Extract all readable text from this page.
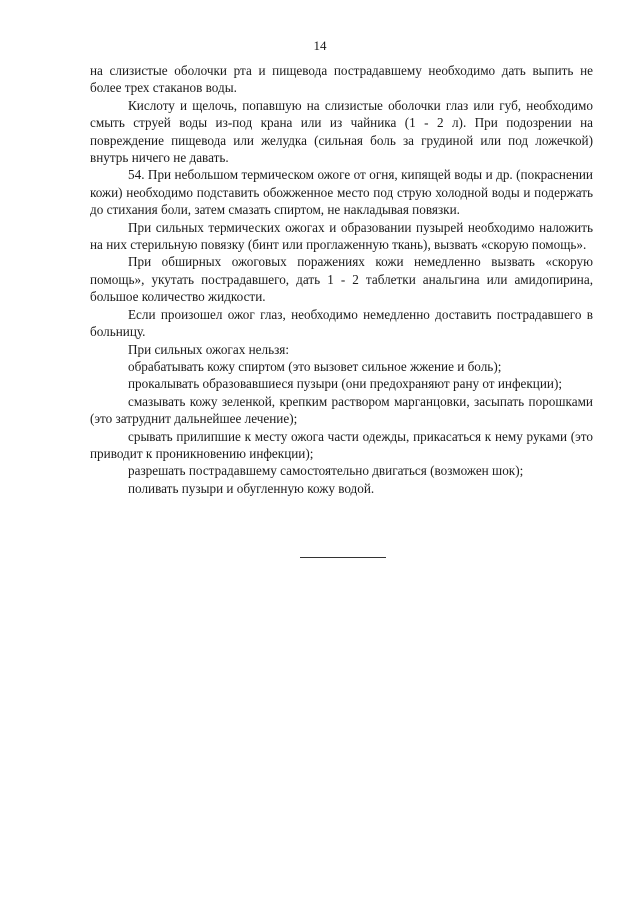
14

на слизистые оболочки рта и пищевода пострадавшему необходимо дать выпить не более трех стаканов воды.

Кислоту и щелочь, попавшую на слизистые оболочки глаз или губ, необходимо смыть струей воды из-под крана или из чайника (1 - 2 л). При подозрении на повреждение пищевода или желудка (сильная боль за грудиной или под ложечкой) внутрь ничего не давать.

54. При небольшом термическом ожоге от огня, кипящей воды и др. (покраснении кожи) необходимо подставить обожженное место под струю холодной воды и подержать до стихания боли, затем смазать спиртом, не накладывая повязки.

При сильных термических ожогах и образовании пузырей необходимо наложить на них стерильную повязку (бинт или проглаженную ткань), вызвать «скорую помощь».

При обширных ожоговых поражениях кожи немедленно вызвать «скорую помощь», укутать пострадавшего, дать 1 - 2 таблетки анальгина или амидопирина, большое количество жидкости.

Если произошел ожог глаз, необходимо немедленно доставить пострадавшего в больницу.

При сильных ожогах нельзя:

обрабатывать кожу спиртом (это вызовет сильное жжение и боль);

прокалывать образовавшиеся пузыри (они предохраняют рану от инфекции);

смазывать кожу зеленкой, крепким раствором марганцовки, засыпать порошками (это затруднит дальнейшее лечение);

срывать прилипшие к месту ожога части одежды, прикасаться к нему руками (это приводит к проникновению инфекции);

разрешать пострадавшему самостоятельно двигаться (возможен шок);

поливать пузыри и обугленную кожу водой.
